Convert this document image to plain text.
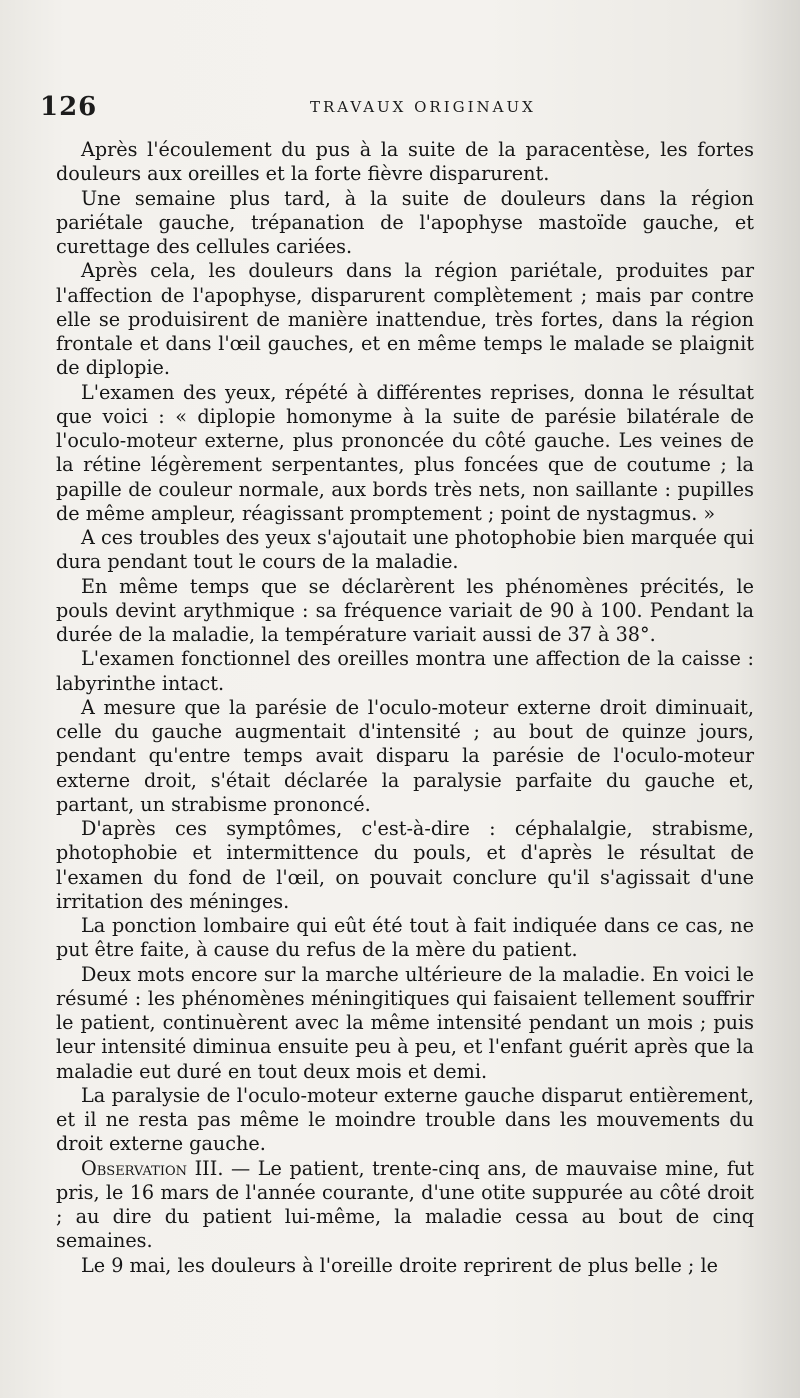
126	TRAVAUX ORIGINAUX

Après l'écoulement du pus à la suite de la paracentèse, les fortes douleurs aux oreilles et la forte fièvre disparurent.

Une semaine plus tard, à la suite de douleurs dans la région pariétale gauche, trépanation de l'apophyse mastoïde gauche, et curettage des cellules cariées.

Après cela, les douleurs dans la région pariétale, produites par l'affection de l'apophyse, disparurent complètement ; mais par contre elle se produisirent de manière inattendue, très fortes, dans la région frontale et dans l'œil gauches, et en même temps le malade se plaignit de diplopie.

L'examen des yeux, répété à différentes reprises, donna le résultat que voici : « diplopie homonyme à la suite de parésie bilatérale de l'oculo-moteur externe, plus prononcée du côté gauche. Les veines de la rétine légèrement serpentantes, plus foncées que de coutume ; la papille de couleur normale, aux bords très nets, non saillante : pupilles de même ampleur, réagissant promptement ; point de nystagmus. »

A ces troubles des yeux s'ajoutait une photophobie bien marquée qui dura pendant tout le cours de la maladie.

En même temps que se déclarèrent les phénomènes précités, le pouls devint arythmique : sa fréquence variait de 90 à 100. Pendant la durée de la maladie, la température variait aussi de 37 à 38°.

L'examen fonctionnel des oreilles montra une affection de la caisse : labyrinthe intact.

A mesure que la parésie de l'oculo-moteur externe droit diminuait, celle du gauche augmentait d'intensité ; au bout de quinze jours, pendant qu'entre temps avait disparu la parésie de l'oculo-moteur externe droit, s'était déclarée la paralysie parfaite du gauche et, partant, un strabisme prononcé.

D'après ces symptômes, c'est-à-dire : céphalalgie, strabisme, photophobie et intermittence du pouls, et d'après le résultat de l'examen du fond de l'œil, on pouvait conclure qu'il s'agissait d'une irritation des méninges.

La ponction lombaire qui eût été tout à fait indiquée dans ce cas, ne put être faite, à cause du refus de la mère du patient.

Deux mots encore sur la marche ultérieure de la maladie. En voici le résumé : les phénomènes méningitiques qui faisaient tellement souffrir le patient, continuèrent avec la même intensité pendant un mois ; puis leur intensité diminua ensuite peu à peu, et l'enfant guérit après que la maladie eut duré en tout deux mois et demi.

La paralysie de l'oculo-moteur externe gauche disparut entièrement, et il ne resta pas même le moindre trouble dans les mouvements du droit externe gauche.

Observation III. — Le patient, trente-cinq ans, de mauvaise mine, fut pris, le 16 mars de l'année courante, d'une otite suppurée au côté droit ; au dire du patient lui-même, la maladie cessa au bout de cinq semaines.

Le 9 mai, les douleurs à l'oreille droite reprirent de plus belle ; le
